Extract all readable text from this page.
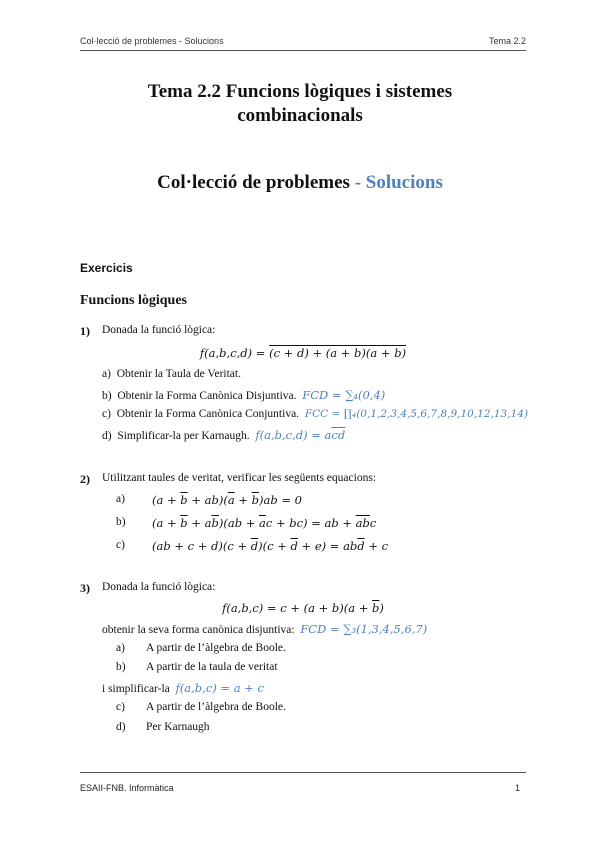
Col·lecció de problemes - Solucions	Tema 2.2
Tema 2.2 Funcions lògiques i sistemes
combinacionals
Col·lecció de problemes - Solucions
Exercicis
Funcions lògiques
1) Donada la funció lògica:
f(a,b,c,d) = (c + d) + (a + b)(a + b)
a) Obtenir la Taula de Veritat.
b) Obtenir la Forma Canònica Disjuntiva. FCD = ∑₄(0,4)
c) Obtenir la Forma Canònica Conjuntiva. FCC = ∏₄(0,1,2,3,4,5,6,7,8,9,10,12,13,14)
d) Simplificar-la per Karnaugh. $f(a,b,c,d) = a\overline{c}\overline{d}$
2) Utilitzant taules de veritat, verificar les següents equacions:
a) $(a + \overline{b} + ab)(\overline{a} + \overline{b})ab = 0$
b) $(a + \overline{b} + a\overline{b})(ab + \overline{a}c + bc)$ = ab + $\overline{a}\overline{b}c$
c) $(ab + c + d)(c + \overline{d})(c + \overline{d} + e) = ab\overline{d} + c$
3) Donada la funció lògica:
$f(a,b,c) = c + (a + b)(a + \overline{b})$
obtenir la seva forma canònica disjuntiva: FCD = ∑₃(1,3,4,5,6,7)
a) A partir de l’àlgebra de Boole.
b) A partir de la taula de veritat
i simplificar-la f(a,b,c) = a + c
c) A partir de l’àlgebra de Boole.
d) Per Karnaugh
ESAII-FNB. Informàtica	1
